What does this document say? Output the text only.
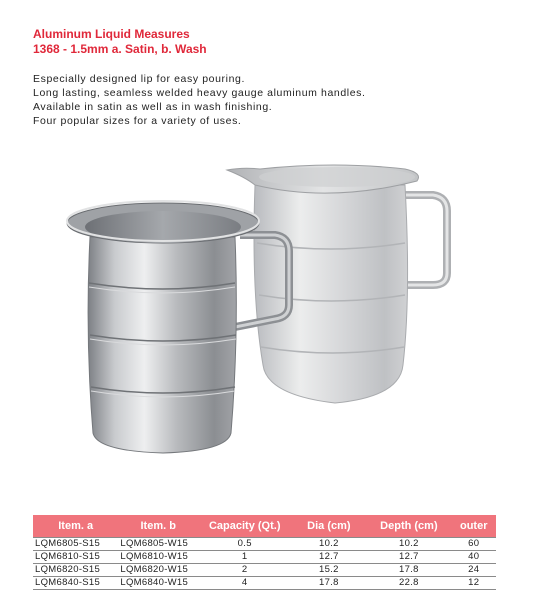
Aluminum Liquid Measures
1368 - 1.5mm a. Satin, b. Wash
Especially designed lip for easy pouring.
Long lasting, seamless welded heavy gauge aluminum handles.
Available in satin as well as in wash finishing.
Four popular sizes for a variety of uses.
Item. a	Item. b	Capacity (Qt.)	Dia (cm)	Depth (cm)	outer
LQM6805-S15	LQM6805-W15	0.5	10.2	10.2	60
LQM6810-S15	LQM6810-W15	1	12.7	12.7	40
LQM6820-S15	LQM6820-W15	2	15.2	17.8	24
LQM6840-S15	LQM6840-W15	4	17.8	22.8	12
